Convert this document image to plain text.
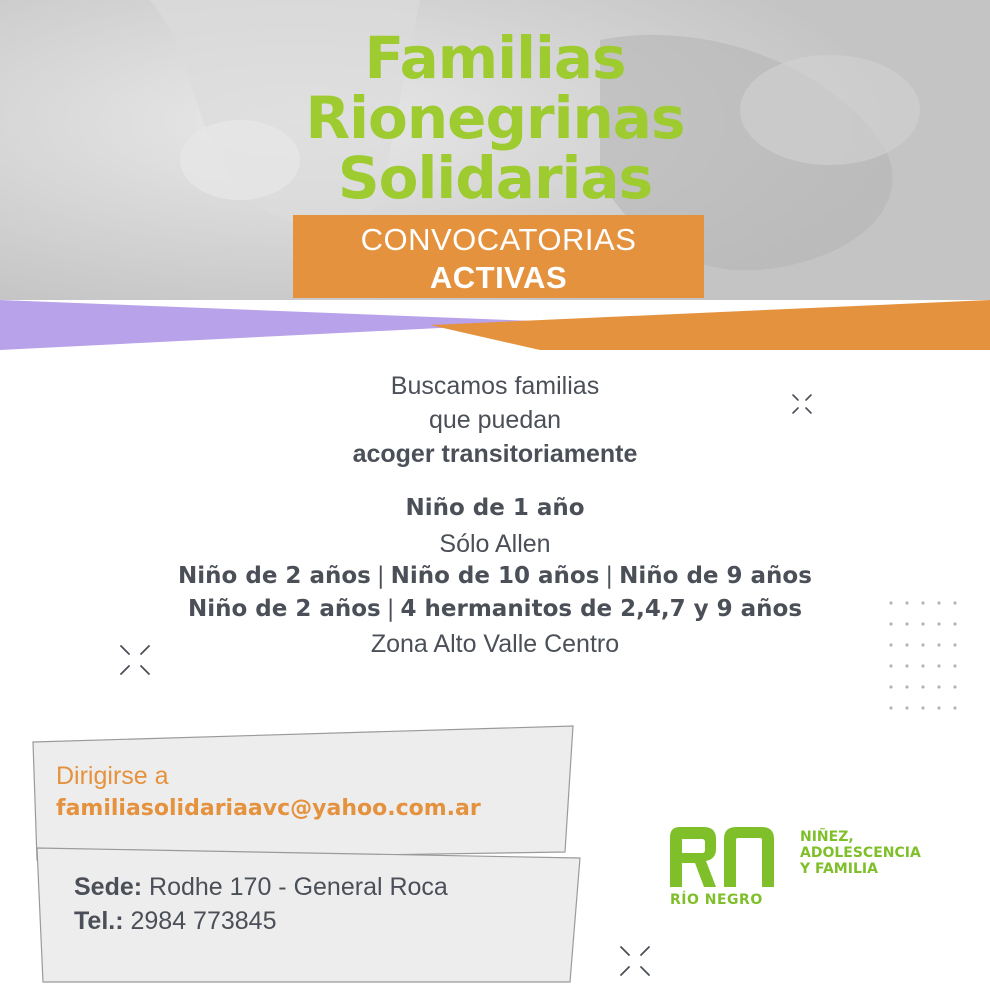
Familias
Rionegrinas
Solidarias
CONVOCATORIAS
ACTIVAS
Buscamos familias
que puedan
acoger transitoriamente
Niño de 1 año
Sólo Allen
Niño de 2 años | Niño de 10 años | Niño de 9 años
Niño de 2 años | 4 hermanitos de 2,4,7 y 9 años
Zona Alto Valle Centro
Dirigirse a
familiasolidariaavc@yahoo.com.ar
Sede: Rodhe 170 - General Roca
Tel.: 2984 773845
RÍO NEGRO
NIÑEZ,
ADOLESCENCIA
Y FAMILIA
